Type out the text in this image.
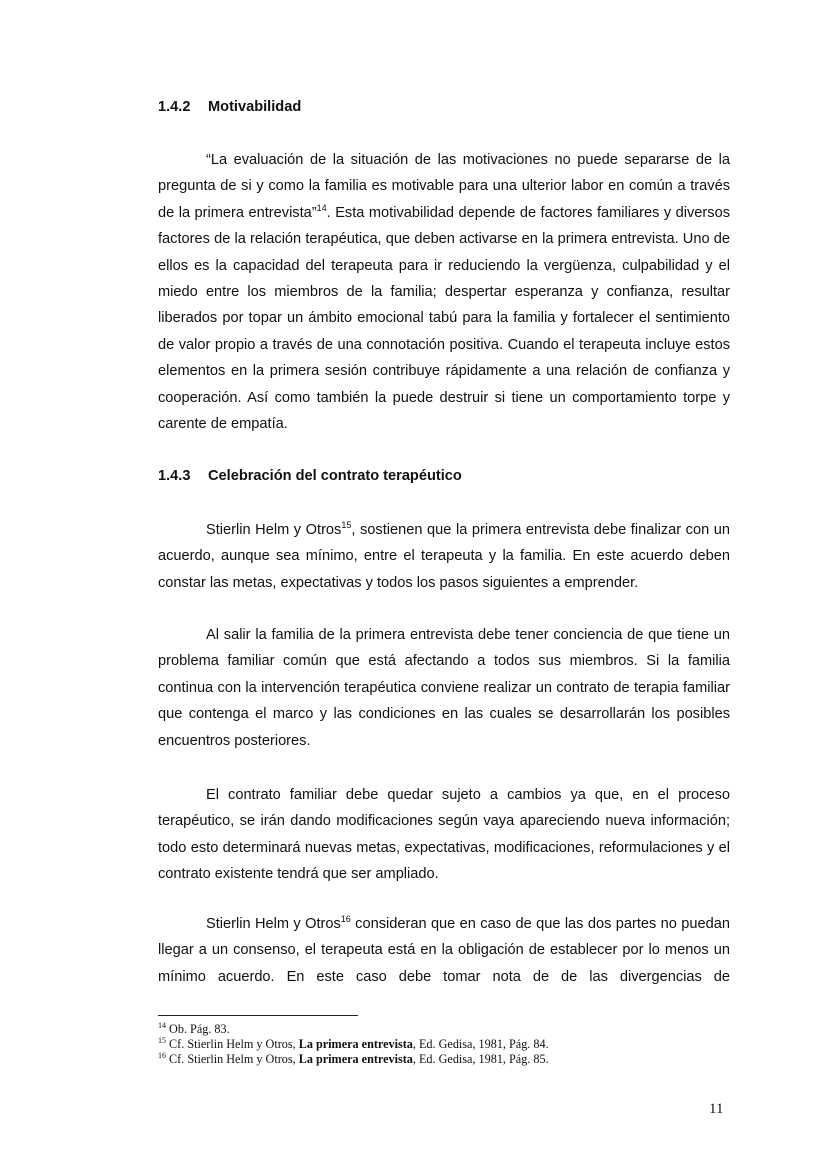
1.4.2 Motivabilidad

“La evaluación de la situación de las motivaciones no puede separarse de la pregunta de si y como la familia es motivable para una ulterior labor en común a través de la primera entrevista”$^{14}$. Esta motivabilidad depende de factores familiares y diversos factores de la relación terapéutica, que deben activarse en la primera entrevista. Uno de ellos es la capacidad del terapeuta para ir reduciendo la vergüenza, culpabilidad y el miedo entre los miembros de la familia; despertar esperanza y confianza, resultar liberados por topar un ámbito emocional tabú para la familia y fortalecer el sentimiento de valor propio a través de una connotación positiva. Cuando el terapeuta incluye estos elementos en la primera sesión contribuye rápidamente a una relación de confianza y cooperación. Así como también la puede destruir si tiene un comportamiento torpe y carente de empatía.

1.4.3 Celebración del contrato terapéutico

Stierlin Helm y Otros$^{15}$, sostienen que la primera entrevista debe finalizar con un acuerdo, aunque sea mínimo, entre el terapeuta y la familia. En este acuerdo deben constar las metas, expectativas y todos los pasos siguientes a emprender.

Al salir la familia de la primera entrevista debe tener conciencia de que tiene un problema familiar común que está afectando a todos sus miembros. Si la familia continua con la intervención terapéutica conviene realizar un contrato de terapia familiar que contenga el marco y las condiciones en las cuales se desarrollarán los posibles encuentros posteriores.

El contrato familiar debe quedar sujeto a cambios ya que, en el proceso terapéutico, se irán dando modificaciones según vaya apareciendo nueva información; todo esto determinará nuevas metas, expectativas, modificaciones, reformulaciones y el contrato existente tendrá que ser ampliado.

Stierlin Helm y Otros$^{16}$ consideran que en caso de que las dos partes no puedan llegar a un consenso, el terapeuta está en la obligación de establecer por lo menos un mínimo acuerdo. En este caso debe tomar nota de de las divergencias de

$^{14}$ Ob. Pág. 83.
$^{15}$ Cf. Stierlin Helm y Otros, La primera entrevista, Ed. Gedisa, 1981, Pág. 84.
$^{16}$ Cf. Stierlin Helm y Otros, La primera entrevista, Ed. Gedisa, 1981, Pág. 85.
11
